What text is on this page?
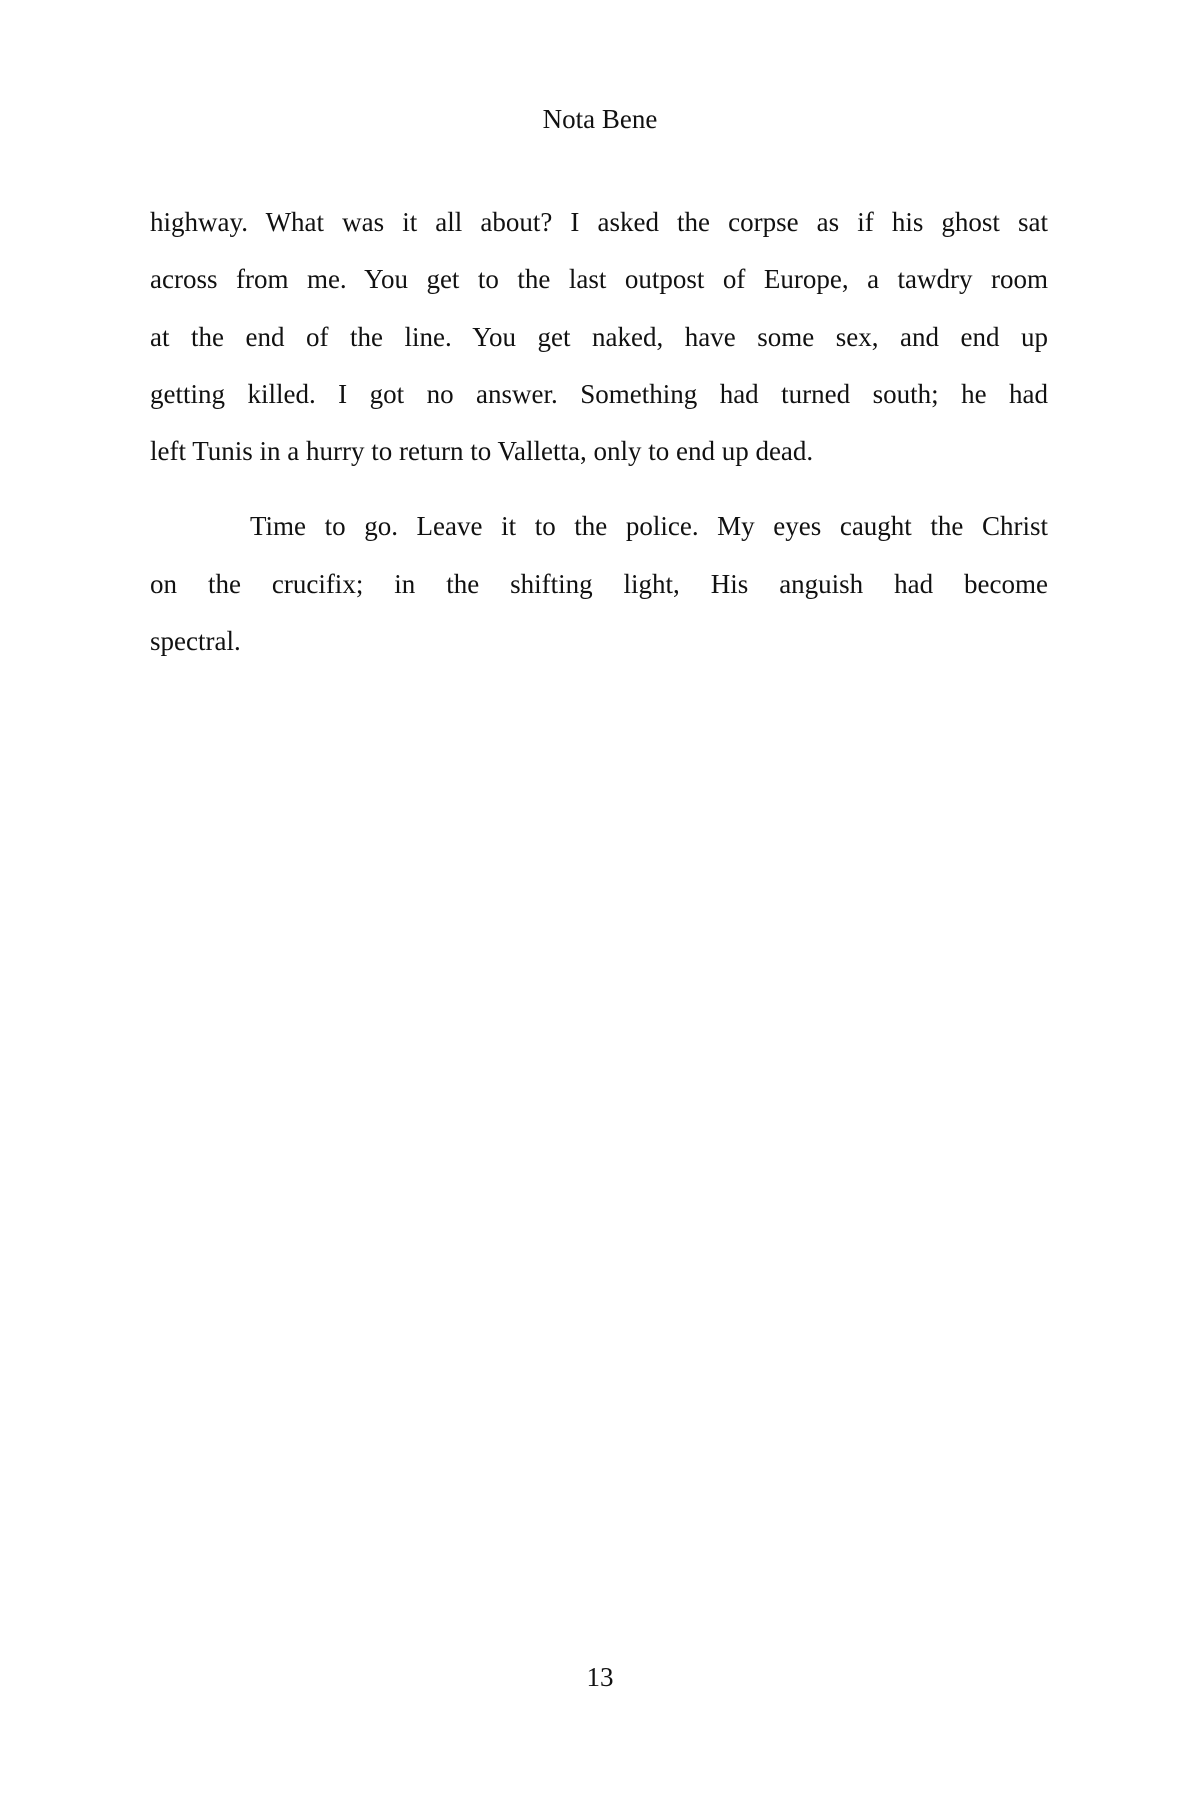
Nota Bene
highway. What was it all about? I asked the corpse as if his ghost sat
across from me. You get to the last outpost of Europe, a tawdry room
at the end of the line. You get naked, have some sex, and end up
getting killed. I got no answer. Something had turned south; he had
left Tunis in a hurry to return to Valletta, only to end up dead.
Time to go. Leave it to the police. My eyes caught the Christ
on the crucifix; in the shifting light, His anguish had become
spectral.
13
